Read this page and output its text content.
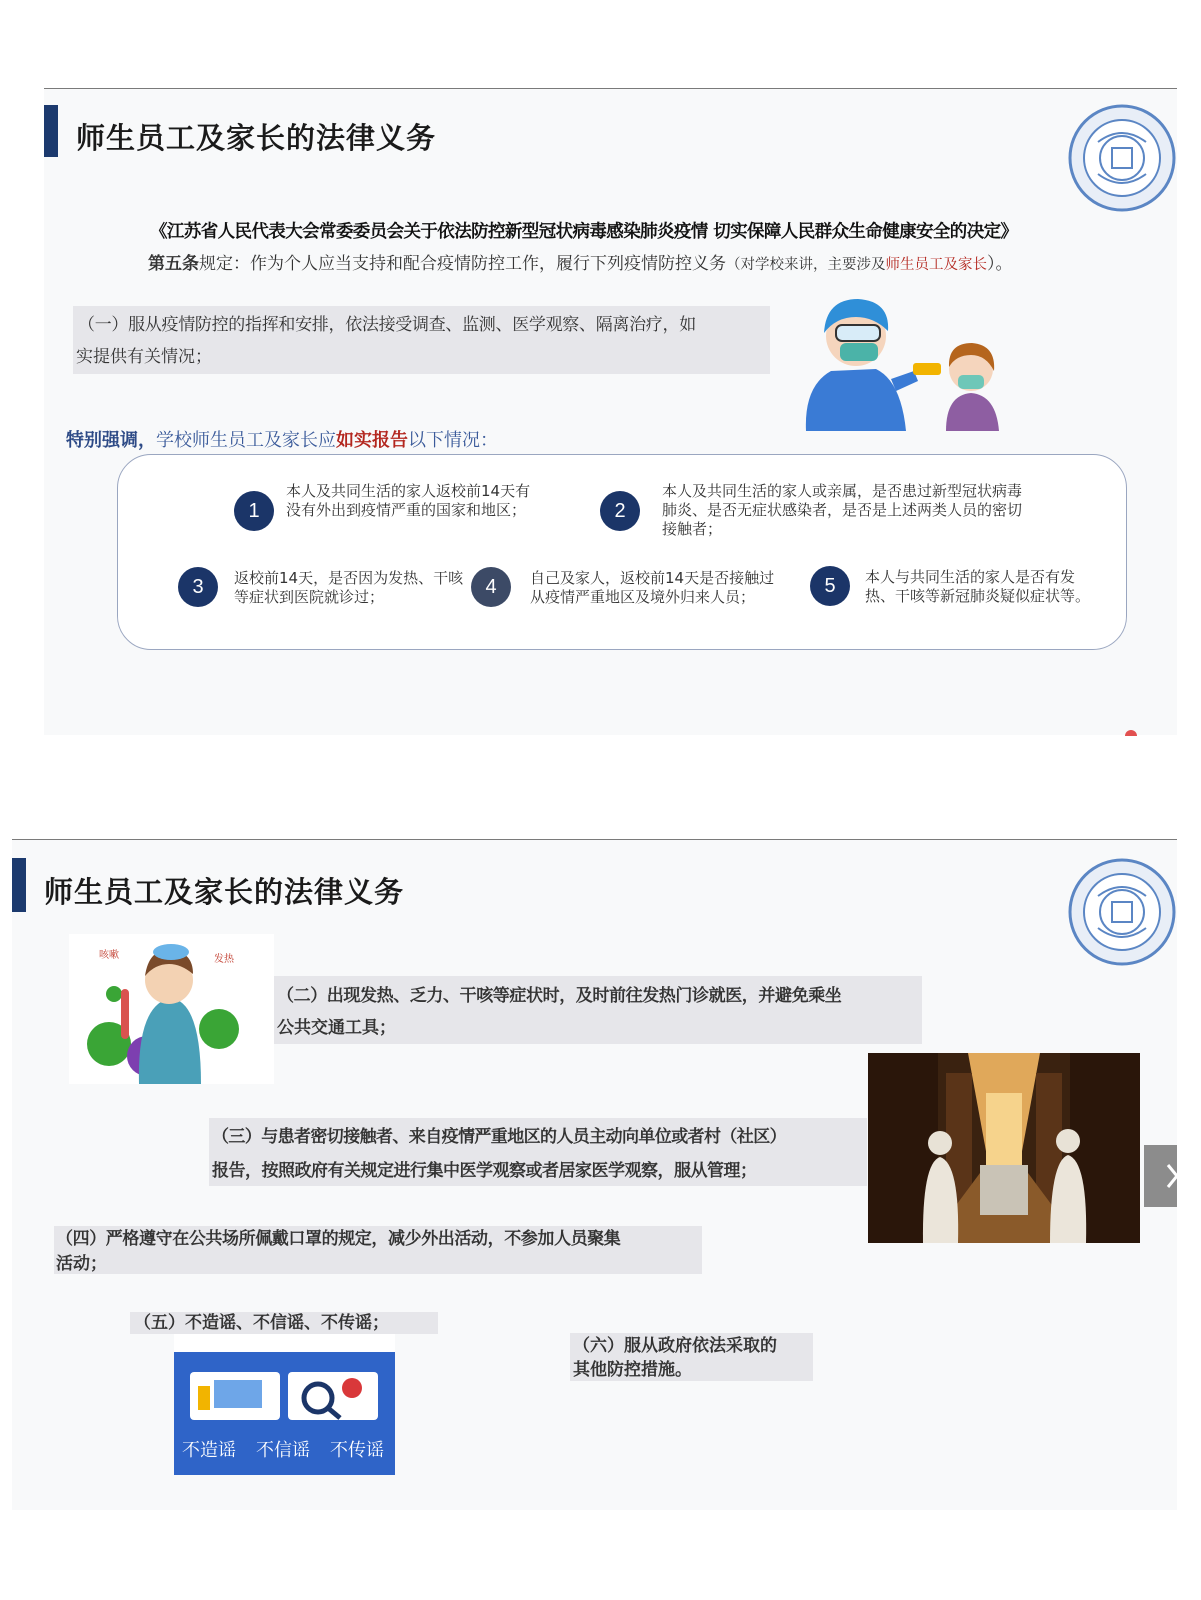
师生员工及家长的法律义务
《江苏省人民代表大会常委委员会关于依法防控新型冠状病毒感染肺炎疫情 切实保障人民群众生命健康安全的决定》
第五条规定：作为个人应当支持和配合疫情防控工作，履行下列疫情防控义务（对学校来讲，主要涉及师生员工及家长）。
（一）服从疫情防控的指挥和安排，依法接受调查、监测、医学观察、隔离治疗，如
实提供有关情况；
特别强调，学校师生员工及家长应如实报告以下情况：
1
本人及共同生活的家人返校前14天有没有外出到疫情严重的国家和地区；	2
本人及共同生活的家人或亲属，是否患过新型冠状病毒肺炎、是否无症状感染者，是否是上述两类人员的密切接触者；
3	返校前14天，是否因为发热、干咳等症状到医院就诊过；	4	自己及家人，返校前14天是否接触过从疫情严重地区及境外归来人员；	5	本人与共同生活的家人是否有发热、干咳等新冠肺炎疑似症状等。
师生员工及家长的法律义务
咳嗽	发热
（二）出现发热、乏力、干咳等症状时，及时前往发热门诊就医，并避免乘坐
公共交通工具；
（三）与患者密切接触者、来自疫情严重地区的人员主动向单位或者村（社区）
报告，按照政府有关规定进行集中医学观察或者居家医学观察，服从管理；
（四）严格遵守在公共场所佩戴口罩的规定，减少外出活动，不参加人员聚集
活动；
（五）不造谣、不信谣、不传谣；
不造谣 不信谣 不传谣
（六）服从政府依法采取的
其他防控措施。
